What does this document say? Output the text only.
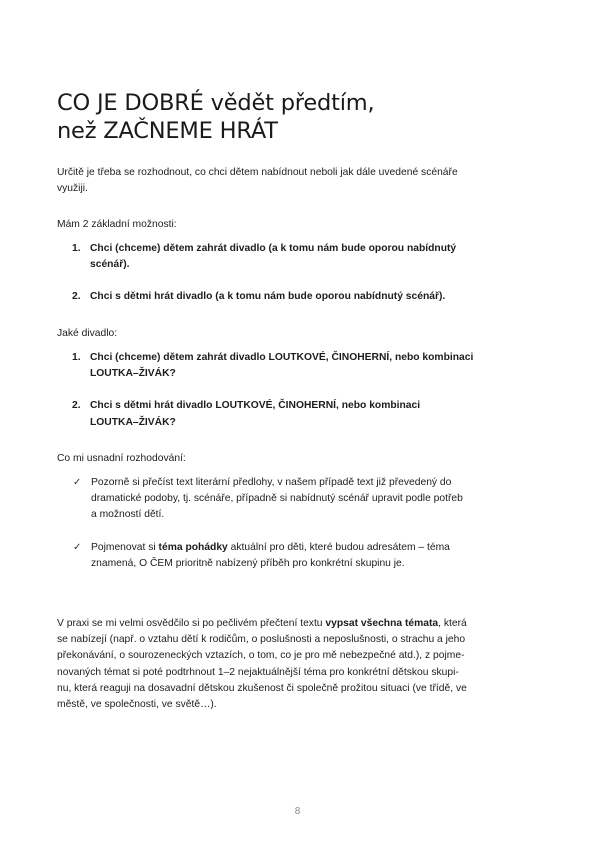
CO JE DOBRÉ vědět předtím,
než ZAČNEME HRÁT

Určitě je třeba se rozhodnout, co chci dětem nabídnout neboli jak dále uvedené scénáře
využiji.

Mám 2 základní možnosti:

1. Chci (chceme) dětem zahrát divadlo (a k tomu nám bude oporou nabídnutý
scénář).
2. Chci s dětmi hrát divadlo (a k tomu nám bude oporou nabídnutý scénář).

Jaké divadlo:

1. Chci (chceme) dětem zahrát divadlo LOUTKOVÉ, ČINOHERNÍ, nebo kombinaci
LOUTKA–ŽIVÁK?
2. Chci s dětmi hrát divadlo LOUTKOVÉ, ČINOHERNÍ, nebo kombinaci
LOUTKA–ŽIVÁK?

Co mi usnadní rozhodování:

✓ Pozorně si přečíst text literární předlohy, v našem případě text již převedený do
dramatické podoby, tj. scénáře, případně si nabídnutý scénář upravit podle potřeb
a možností dětí.
✓ Pojmenovat si téma pohádky aktuální pro děti, které budou adresátem – téma
znamená, O ČEM prioritně nabízený příběh pro konkrétní skupinu je.

V praxi se mi velmi osvědčilo si po pečlivém přečtení textu vypsat všechna témata, která
se nabízejí (např. o vztahu dětí k rodičům, o poslušnosti a neposlušnosti, o strachu a jeho
překonávání, o sourozeneckých vztazích, o tom, co je pro mě nebezpečné atd.), z pojme-
novaných témat si poté podtrhnout 1–2 nejaktuálnější téma pro konkrétní dětskou skupi-
nu, která reaguji na dosavadní dětskou zkušenost či společně prožitou situaci (ve třídě, ve
městě, ve společnosti, ve světě…).

8
